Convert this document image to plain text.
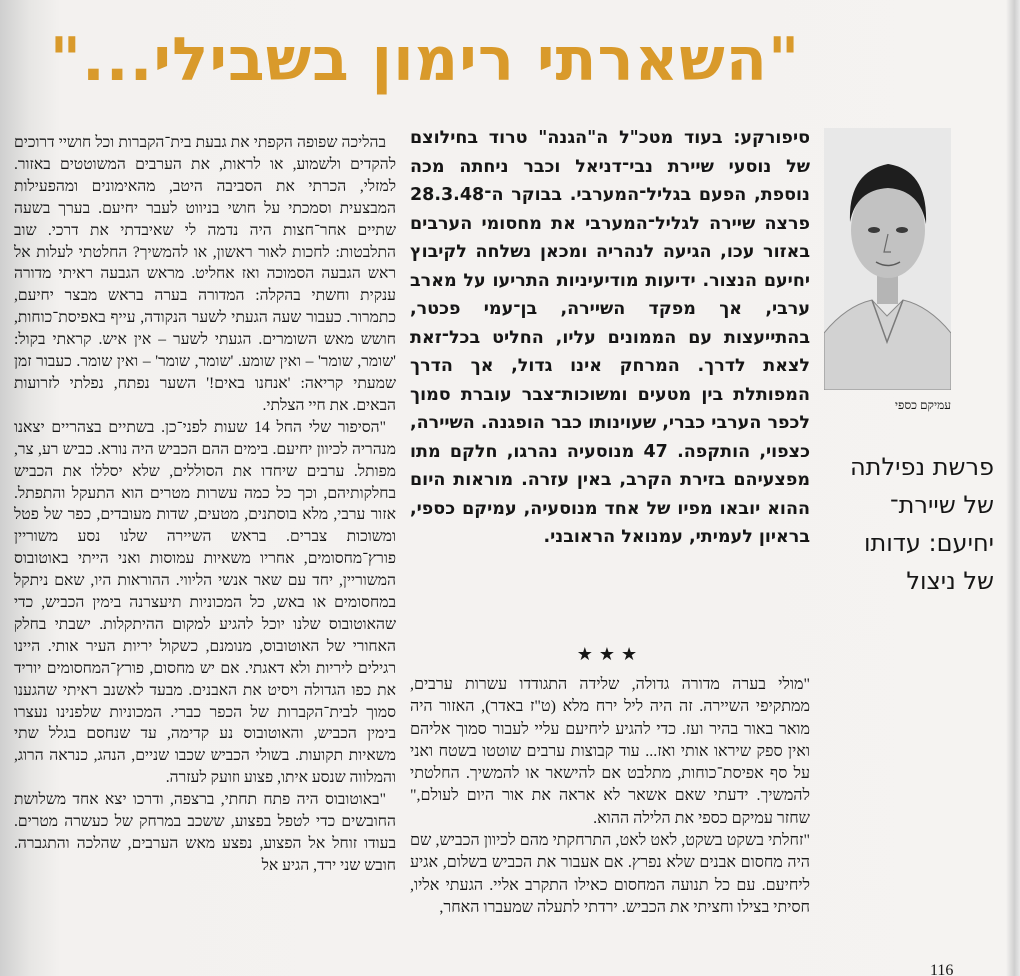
"השארתי רימון בשבילי..."

סיפורקע: בעוד מטכ"ל ה"הגנה" טרוד בחילוצם של נוסעי שיירת נבי־דניאל וכבר ניחתה מכה נוספת, הפעם בגליל־המערבי. בבוקר ה־28.3.48 פרצה שיירה לגליל־המערבי את מחסומי הערבים באזור עכו, הגיעה לנהריה ומכאן נשלחה לקיבוץ יחיעם הנצור. ידיעות מודיעיניות התריעו על מארב ערבי, אך מפקד השיירה, בן־עמי פכטר, בהתייעצות עם הממונים עליו, החליט בכל־זאת לצאת לדרך. המרחק אינו גדול, אך הדרך המפותלת בין מטעים ומשוכות־צבר עוברת סמוך לכפר הערבי כברי, שעוינותו כבר הופגנה. השיירה, כצפוי, הותקפה. 47 מנוסעיה נהרגו, חלקם מתו מפצעיהם בזירת הקרב, באין עזרה. מוראות היום ההוא יובאו מפיו של אחד מנוסעיה, עמיקם כספי, בראיון לעמיתי, עמנואל הראובני.

★★★

"מולי בערה מדורה גדולה, שלידה התגודדו עשרות ערבים, ממתקיפי השיירה. זה היה ליל ירח מלא (ט"ז באדר), האזור היה מואר באור בהיר ועז. כדי להגיע ליחיעם עליי לעבור סמוך אליהם ואין ספק שיראו אותי ואז... עוד קבוצות ערבים שוטטו בשטח ואני על סף אפיסת־כוחות, מתלבט אם להישאר או להמשיך. החלטתי להמשיך. ידעתי שאם אשאר לא אראה את אור היום לעולם," שחזר עמיקם כספי את הלילה ההוא.

"זחלתי בשקט בשקט, לאט לאט, התרחקתי מהם לכיוון הכביש, שם היה מחסום אבנים שלא נפרץ. אם אעבור את הכביש בשלום, אגיע ליחיעם. עם כל תנועה המחסום כאילו התקרב אליי. הגעתי אליו, חסיתי בצילו וחציתי את הכביש. ירדתי לתעלה שמעברו האחר,

בהליכה שפופה הקפתי את גבעת בית־הקברות וכל חושיי דרוכים להקדים ולשמוע, או לראות, את הערבים המשוטטים באזור. למזלי, הכרתי את הסביבה היטב, מהאימונים ומהפעילות המבצעית וסמכתי על חושי בניווט לעבר יחיעם. בערך בשעה שתיים אחר־חצות היה נדמה לי שאיבדתי את דרכי. שוב התלבטות: לחכות לאור ראשון, או להמשיך? החלטתי לעלות אל ראש הגבעה הסמוכה ואז אחליט. מראש הגבעה ראיתי מדורה ענקית וחשתי בהקלה: המדורה בערה בראש מבצר יחיעם, כתמרור. כעבור שעה הגעתי לשער הנקודה, עייף באפיסת־כוחות, חושש מאש השומרים. הגעתי לשער – אין איש. קראתי בקול: 'שומר, שומר' – ואין שומע. 'שומר, שומר' – ואין שומר. כעבור זמן שמעתי קריאה: 'אנחנו באים!' השער נפתח, נפלתי לזרועות הבאים. את חיי הצלתי.

"הסיפור שלי החל 14 שעות לפני־כן. בשתיים בצהריים יצאנו מנהריה לכיוון יחיעם. בימים ההם הכביש היה נורא. כביש רע, צר, מפותל. ערבים שיחדו את הסוללים, שלא יסללו את הכביש בחלקותיהם, וכך כל כמה עשרות מטרים הוא התעקל והתפתל. אזור ערבי, מלא בוסתנים, מטעים, שדות מעובדים, כפר של פטל ומשוכות צברים. בראש השיירה שלנו נסע משוריין פורץ־מחסומים, אחריו משאיות עמוסות ואני הייתי באוטובוס המשוריין, יחד עם שאר אנשי הליווי. ההוראות היו, שאם ניתקל במחסומים או באש, כל המכוניות תיעצרנה בימין הכביש, כדי שהאוטובוס שלנו יוכל להגיע למקום ההיתקלות. ישבתי בחלק האחורי של האוטובוס, מנומנם, כשקול יריות העיר אותי. היינו רגילים ליריות ולא דאגתי. אם יש מחסום, פורץ־המחסומים יוריד את כפו הגדולה ויסיט את האבנים. מבעד לאשנב ראיתי שהגענו סמוך לבית־הקברות של הכפר כברי. המכוניות שלפנינו נעצרו בימין הכביש, והאוטובוס נע קדימה, עד שנחסם בגלל שתי משאיות תקועות. בשולי הכביש שכבו שניים, הנהג, כנראה הרוג, והמלווה שנסע איתו, פצוע וזועק לעזרה.

"באוטובוס היה פתח תחתי, ברצפה, ודרכו יצא אחד משלושת החובשים כדי לטפל בפצוע, ששכב במרחק של כעשרה מטרים. בעודו זוחל אל הפצוע, נפצע מאש הערבים, שהלכה והתגברה. חובש שני ירד, הגיע אל

עמיקם כספי
פרשת נפילתה של שיירת־ יחיעם: עדותו של ניצול
116
